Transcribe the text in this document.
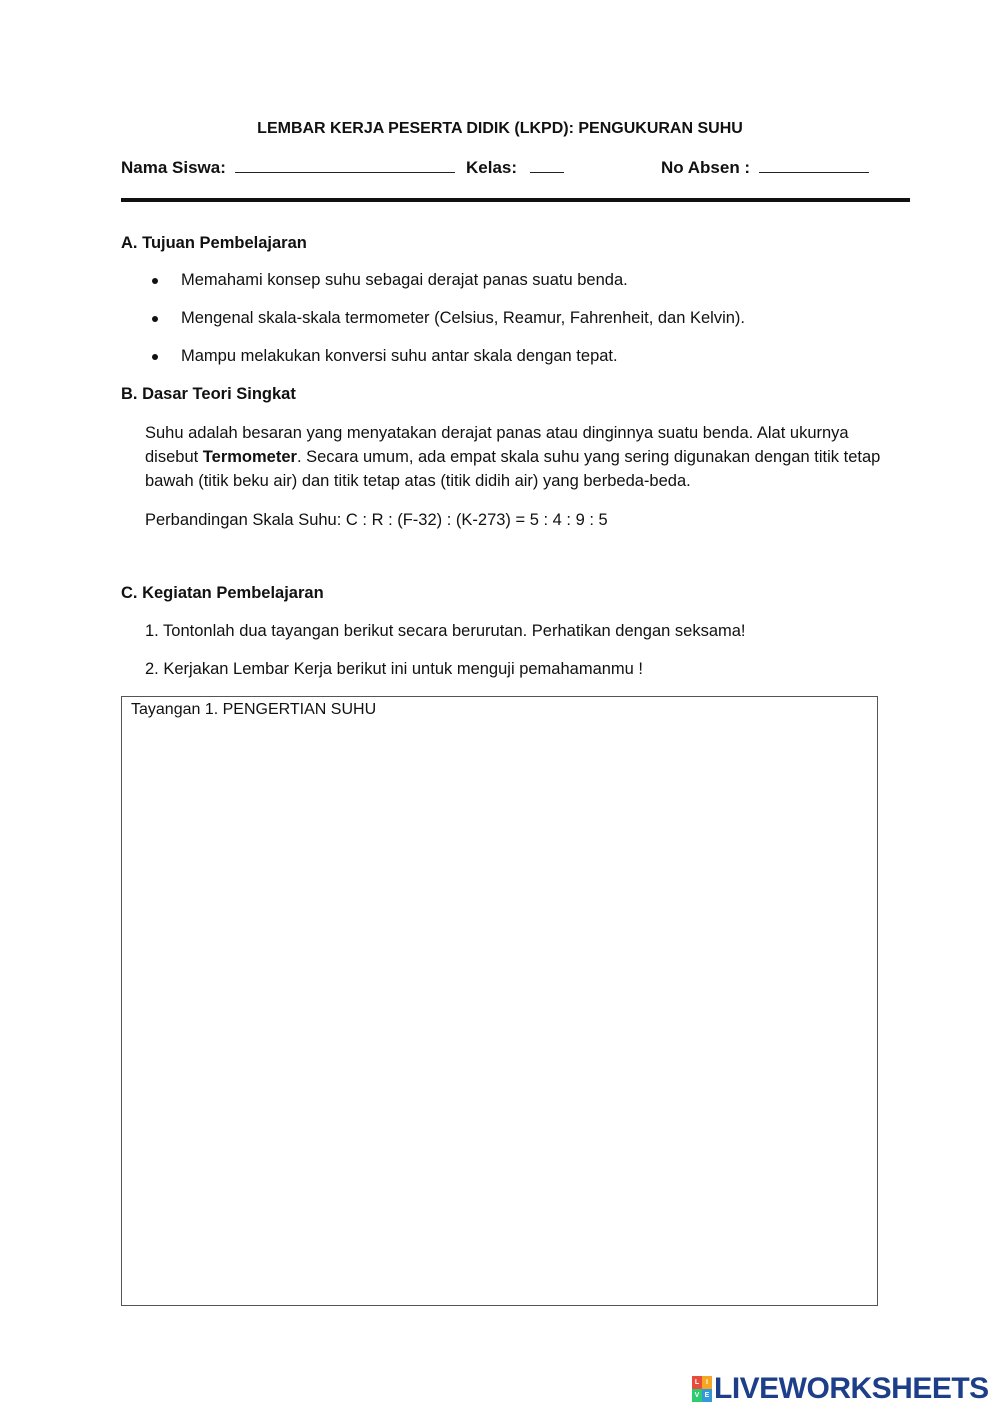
LEMBAR KERJA PESERTA DIDIK (LKPD): PENGUKURAN SUHU
Nama Siswa:	Kelas:	No Absen :
A. Tujuan Pembelajaran
Memahami konsep suhu sebagai derajat panas suatu benda.
Mengenal skala-skala termometer (Celsius, Reamur, Fahrenheit, dan Kelvin).
Mampu melakukan konversi suhu antar skala dengan tepat.
B. Dasar Teori Singkat
Suhu adalah besaran yang menyatakan derajat panas atau dinginnya suatu benda. Alat ukurnya disebut Termometer. Secara umum, ada empat skala suhu yang sering digunakan dengan titik tetap bawah (titik beku air) dan titik tetap atas (titik didih air) yang berbeda-beda.
Perbandingan Skala Suhu: C : R : (F-32) : (K-273) = 5 : 4 : 9 : 5
C. Kegiatan Pembelajaran
1. Tontonlah dua tayangan berikut secara berurutan. Perhatikan dengan seksama!
2. Kerjakan Lembar Kerja berikut ini untuk menguji pemahamanmu !
Tayangan 1. PENGERTIAN SUHU
L I
V E LIVEWORKSHEETS
